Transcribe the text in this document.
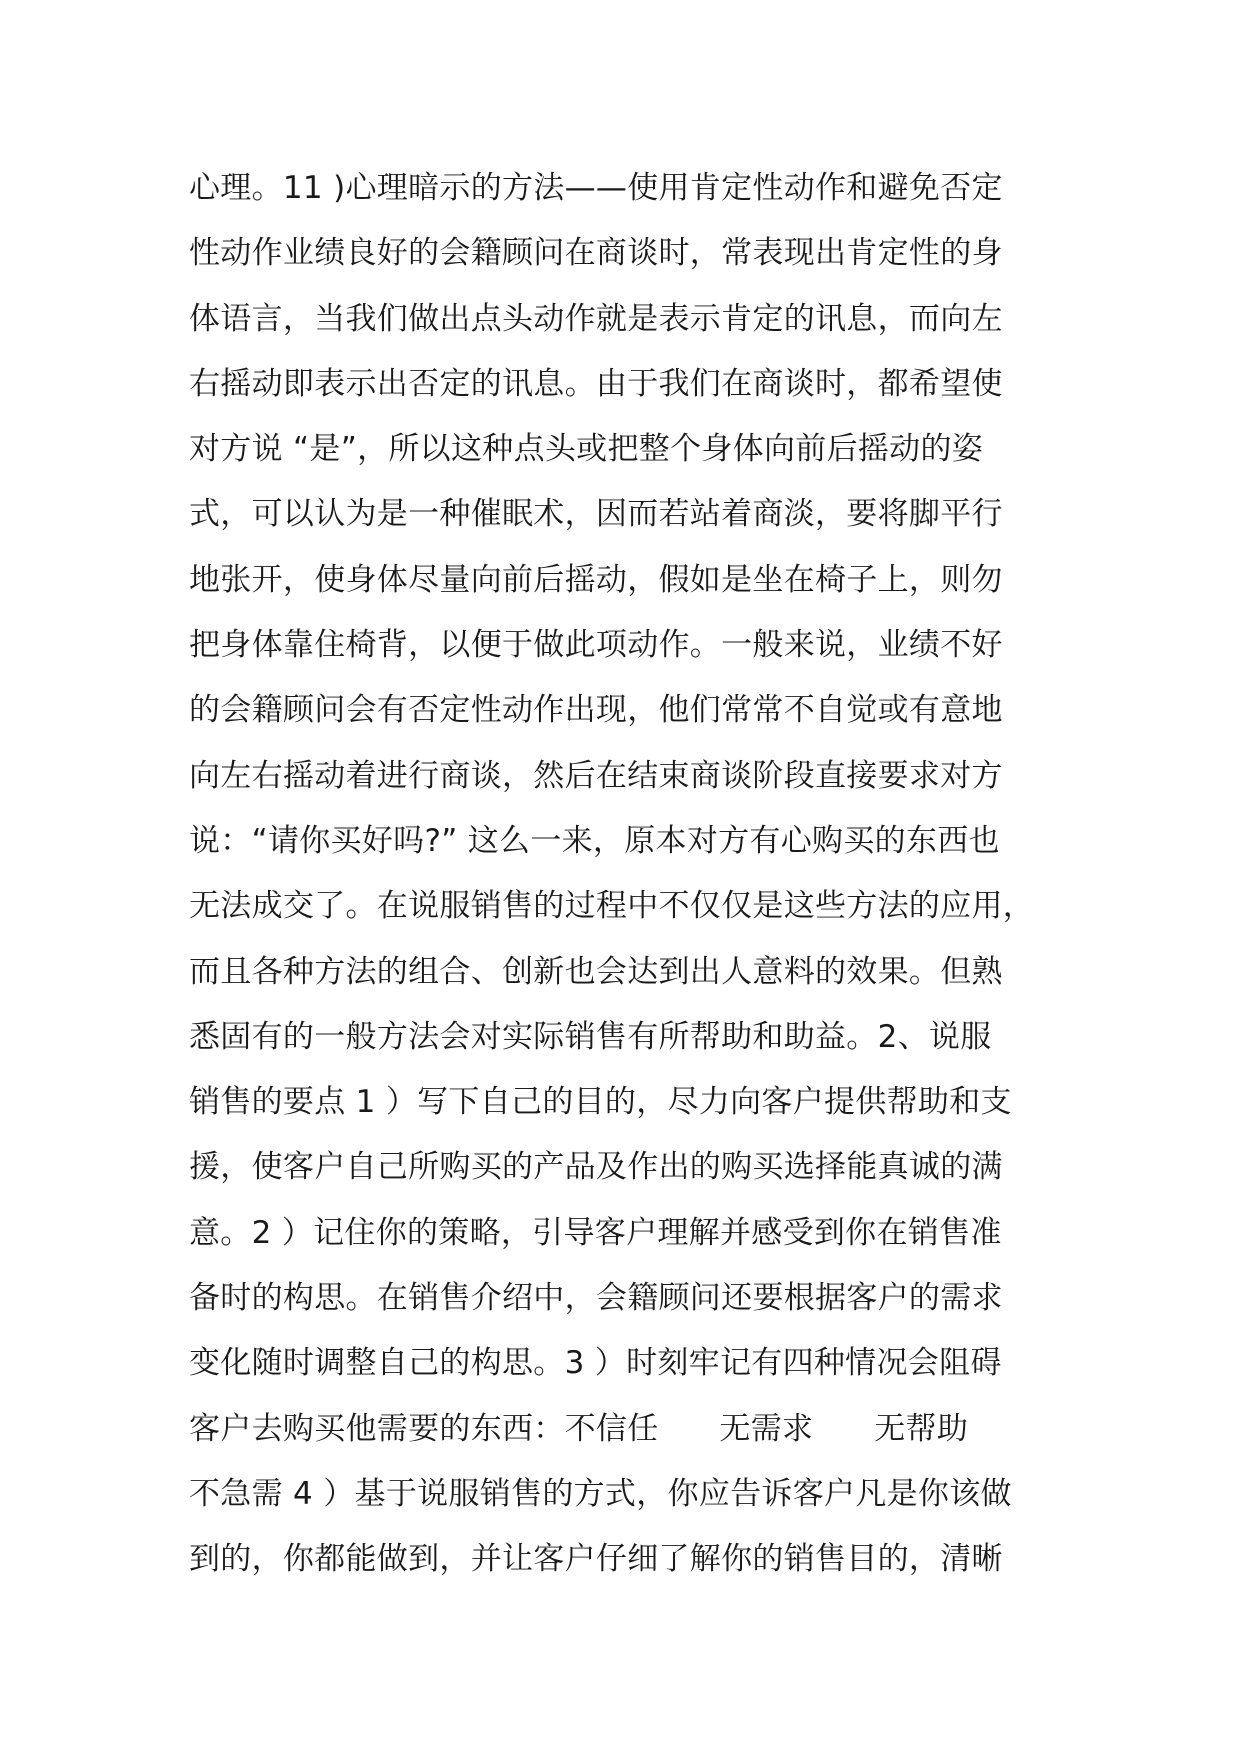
心理。11 )心理暗示的方法——使用肯定性动作和避免否定
性动作业绩良好的会籍顾问在商谈时，常表现出肯定性的身
体语言，当我们做出点头动作就是表示肯定的讯息，而向左
右摇动即表示出否定的讯息。由于我们在商谈时，都希望使
对方说 “是”，所以这种点头或把整个身体向前后摇动的姿
式，可以认为是一种催眠术，因而若站着商淡，要将脚平行
地张开，使身体尽量向前后摇动，假如是坐在椅子上，则勿
把身体靠住椅背，以便于做此项动作。一般来说，业绩不好
的会籍顾问会有否定性动作出现，他们常常不自觉或有意地
向左右摇动着进行商谈，然后在结束商谈阶段直接要求对方
说：“请你买好吗?” 这么一来，原本对方有心购买的东西也
无法成交了。在说服销售的过程中不仅仅是这些方法的应用，
而且各种方法的组合、创新也会达到出人意料的效果。但熟
悉固有的一般方法会对实际销售有所帮助和助益。2、说服
销售的要点 1 ）写下自己的目的，尽力向客户提供帮助和支
援，使客户自己所购买的产品及作出的购买选择能真诚的满
意。2 ）记住你的策略，引导客户理解并感受到你在销售准
备时的构思。在销售介绍中，会籍顾问还要根据客户的需求
变化随时调整自己的构思。3 ）时刻牢记有四种情况会阻碍
客户去购买他需要的东西：不信任      无需求      无帮助
不急需 4 ）基于说服销售的方式，你应告诉客户凡是你该做
到的，你都能做到，并让客户仔细了解你的销售目的，清晰
